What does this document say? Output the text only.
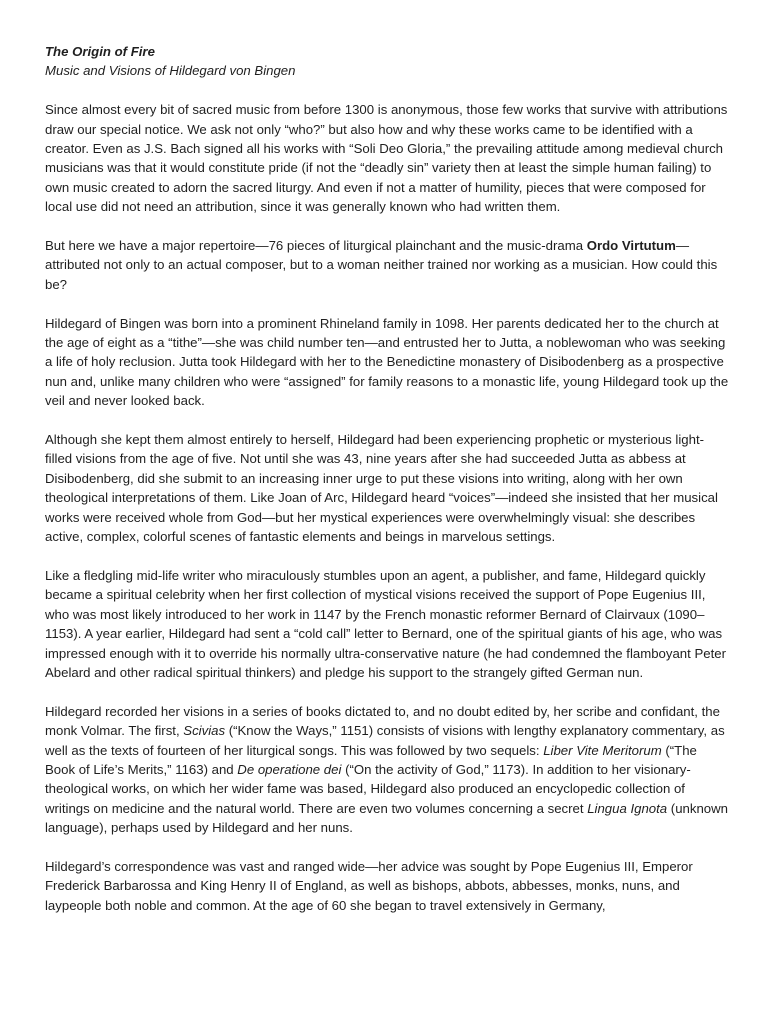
The Origin of Fire
Music and Visions of Hildegard von Bingen

Since almost every bit of sacred music from before 1300 is anonymous, those few works that survive with attributions draw our special notice. We ask not only “who?” but also how and why these works came to be identified with a creator. Even as J.S. Bach signed all his works with “Soli Deo Gloria,” the prevailing attitude among medieval church musicians was that it would constitute pride (if not the “deadly sin” variety then at least the simple human failing) to own music created to adorn the sacred liturgy. And even if not a matter of humility, pieces that were composed for local use did not need an attribution, since it was generally known who had written them.

But here we have a major repertoire—76 pieces of liturgical plainchant and the music-drama Ordo Virtutum—attributed not only to an actual composer, but to a woman neither trained nor working as a musician. How could this be?

Hildegard of Bingen was born into a prominent Rhineland family in 1098. Her parents dedicated her to the church at the age of eight as a “tithe”—she was child number ten—and entrusted her to Jutta, a noblewoman who was seeking a life of holy reclusion. Jutta took Hildegard with her to the Benedictine monastery of Disibodenberg as a prospective nun and, unlike many children who were “assigned” for family reasons to a monastic life, young Hildegard took up the veil and never looked back.

Although she kept them almost entirely to herself, Hildegard had been experiencing prophetic or mysterious light-filled visions from the age of five. Not until she was 43, nine years after she had succeeded Jutta as abbess at Disibodenberg, did she submit to an increasing inner urge to put these visions into writing, along with her own theological interpretations of them. Like Joan of Arc, Hildegard heard “voices”—indeed she insisted that her musical works were received whole from God—but her mystical experiences were overwhelmingly visual: she describes active, complex, colorful scenes of fantastic elements and beings in marvelous settings.

Like a fledgling mid-life writer who miraculously stumbles upon an agent, a publisher, and fame, Hildegard quickly became a spiritual celebrity when her first collection of mystical visions received the support of Pope Eugenius III, who was most likely introduced to her work in 1147 by the French monastic reformer Bernard of Clairvaux (1090–1153). A year earlier, Hildegard had sent a “cold call” letter to Bernard, one of the spiritual giants of his age, who was impressed enough with it to override his normally ultra-conservative nature (he had condemned the flamboyant Peter Abelard and other radical spiritual thinkers) and pledge his support to the strangely gifted German nun.

Hildegard recorded her visions in a series of books dictated to, and no doubt edited by, her scribe and confidant, the monk Volmar. The first, Scivias (“Know the Ways,” 1151) consists of visions with lengthy explanatory commentary, as well as the texts of fourteen of her liturgical songs. This was followed by two sequels: Liber Vite Meritorum (“The Book of Life’s Merits,” 1163) and De operatione dei (“On the activity of God,” 1173). In addition to her visionary-theological works, on which her wider fame was based, Hildegard also produced an encyclopedic collection of writings on medicine and the natural world. There are even two volumes concerning a secret Lingua Ignota (unknown language), perhaps used by Hildegard and her nuns.

Hildegard’s correspondence was vast and ranged wide—her advice was sought by Pope Eugenius III, Emperor Frederick Barbarossa and King Henry II of England, as well as bishops, abbots, abbesses, monks, nuns, and laypeople both noble and common. At the age of 60 she began to travel extensively in Germany,
